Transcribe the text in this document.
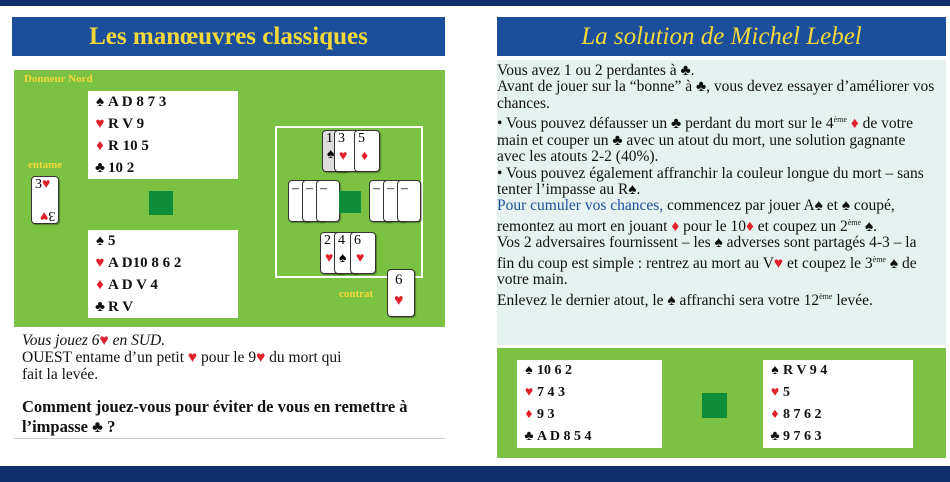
Les manœuvres classiques
Donneur Nord
entame
contrat
♠ A D 8 7 3
♥ R V 9
♦ R 10 5
♣ 10 2
♠ 5
♥ A D10 8 6 2
♦ A D V 4
♣ R V
3♥
3♥
1
♠
3
♥
5
♦
– – –	– – –
2
♥
4
♠
6
♥
6
♥
Vous jouez 6♥ en SUD.
OUEST entame d’un petit ♥ pour le 9♥ du mort qui
fait la levée.
Comment jouez-vous pour éviter de vous en remettre à l’impasse ♣ ?
La solution de Michel Lebel
Vous avez 1 ou 2 perdantes à ♣.
Avant de jouer sur la “bonne” à ♣, vous devez essayer d’améliorer vos chances.
• Vous pouvez défausser un ♣ perdant du mort sur le 4ème ♦ de votre main et couper un ♣ avec un atout du mort, une solution gagnante avec les atouts 2-2 (40%).
• Vous pouvez également affranchir la couleur longue du mort – sans tenter l’impasse au R♠.
Pour cumuler vos chances, commencez par jouer A♠ et ♠ coupé, remontez au mort en jouant ♦ pour le 10♦ et coupez un 2ème ♠.
Vos 2 adversaires fournissent – les ♠ adverses sont partagés 4-3 – la fin du coup est simple : rentrez au mort au V♥ et coupez le 3ème ♠ de votre main.
Enlevez le dernier atout, le ♠ affranchi sera votre 12ème levée.
♠ 10 6 2
♥ 7 4 3
♦ 9 3
♣ A D 8 5 4
♠ R V 9 4
♥ 5
♦ 8 7 6 2
♣ 9 7 6 3
